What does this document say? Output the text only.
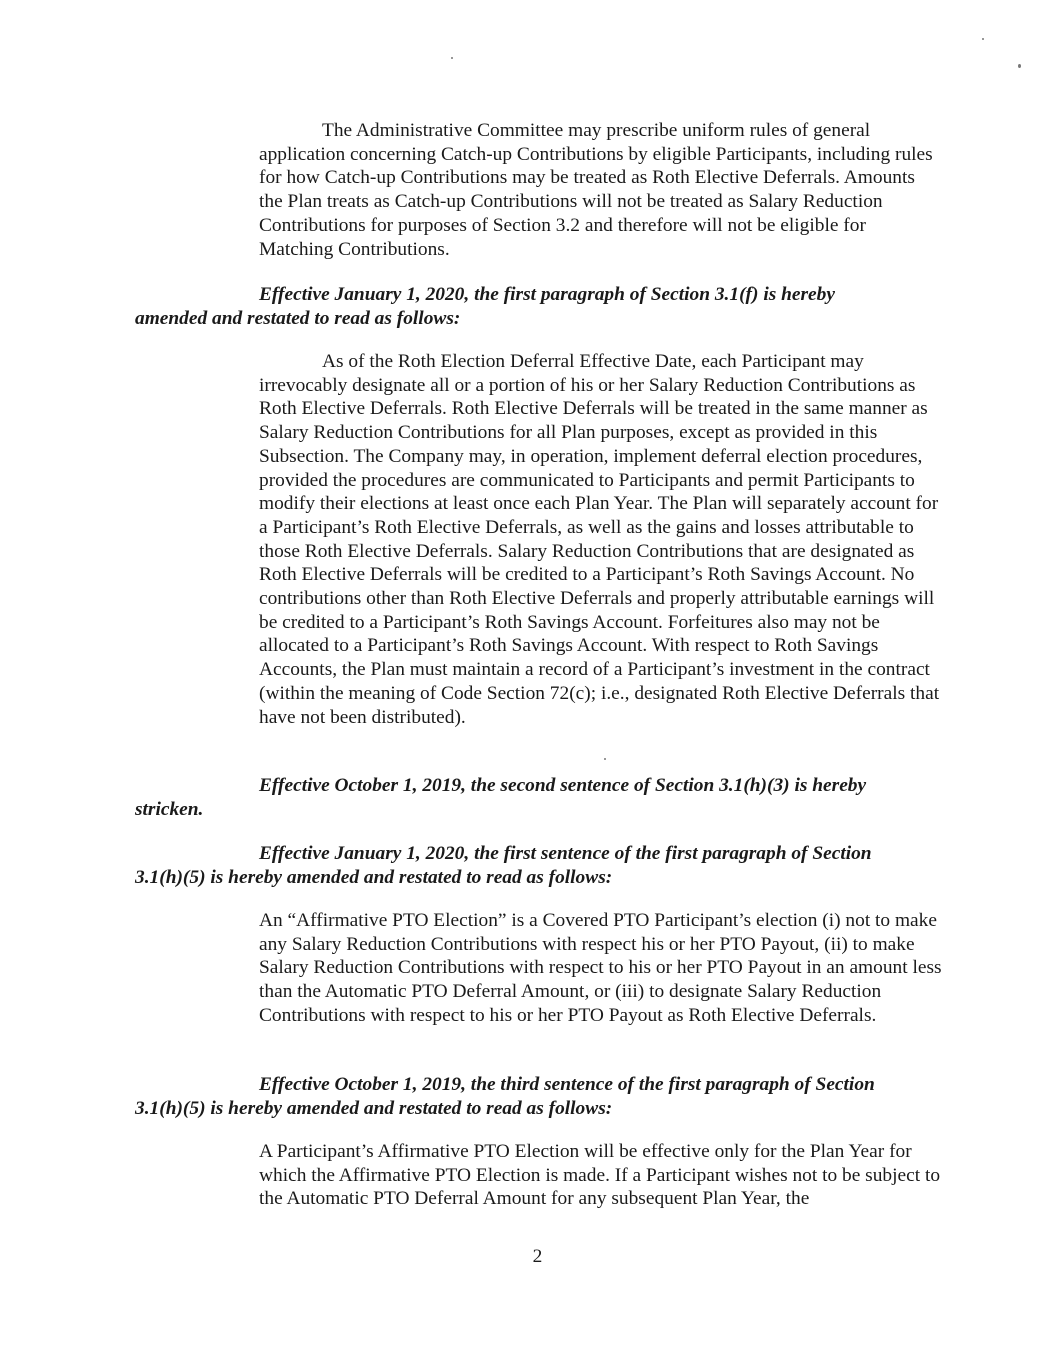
The Administrative Committee may prescribe uniform rules of general application concerning Catch-up Contributions by eligible Participants, including rules for how Catch-up Contributions may be treated as Roth Elective Deferrals. Amounts the Plan treats as Catch-up Contributions will not be treated as Salary Reduction Contributions for purposes of Section 3.2 and therefore will not be eligible for Matching Contributions.

Effective January 1, 2020, the first paragraph of Section 3.1(f) is hereby
amended and restated to read as follows:

As of the Roth Election Deferral Effective Date, each Participant may irrevocably designate all or a portion of his or her Salary Reduction Contributions as Roth Elective Deferrals. Roth Elective Deferrals will be treated in the same manner as Salary Reduction Contributions for all Plan purposes, except as provided in this Subsection. The Company may, in operation, implement deferral election procedures, provided the procedures are communicated to Participants and permit Participants to modify their elections at least once each Plan Year. The Plan will separately account for a Participant’s Roth Elective Deferrals, as well as the gains and losses attributable to those Roth Elective Deferrals. Salary Reduction Contributions that are designated as Roth Elective Deferrals will be credited to a Participant’s Roth Savings Account. No contributions other than Roth Elective Deferrals and properly attributable earnings will be credited to a Participant’s Roth Savings Account. Forfeitures also may not be allocated to a Participant’s Roth Savings Account. With respect to Roth Savings Accounts, the Plan must maintain a record of a Participant’s investment in the contract (within the meaning of Code Section 72(c); i.e., designated Roth Elective Deferrals that have not been distributed).

Effective October 1, 2019, the second sentence of Section 3.1(h)(3) is hereby
stricken.

Effective January 1, 2020, the first sentence of the first paragraph of Section
3.1(h)(5) is hereby amended and restated to read as follows:

An “Affirmative PTO Election” is a Covered PTO Participant’s election (i) not to make any Salary Reduction Contributions with respect his or her PTO Payout, (ii) to make Salary Reduction Contributions with respect to his or her PTO Payout in an amount less than the Automatic PTO Deferral Amount, or (iii) to designate Salary Reduction Contributions with respect to his or her PTO Payout as Roth Elective Deferrals.

Effective October 1, 2019, the third sentence of the first paragraph of Section
3.1(h)(5) is hereby amended and restated to read as follows:

A Participant’s Affirmative PTO Election will be effective only for the Plan Year for which the Affirmative PTO Election is made. If a Participant wishes not to be subject to the Automatic PTO Deferral Amount for any subsequent Plan Year, the

2
